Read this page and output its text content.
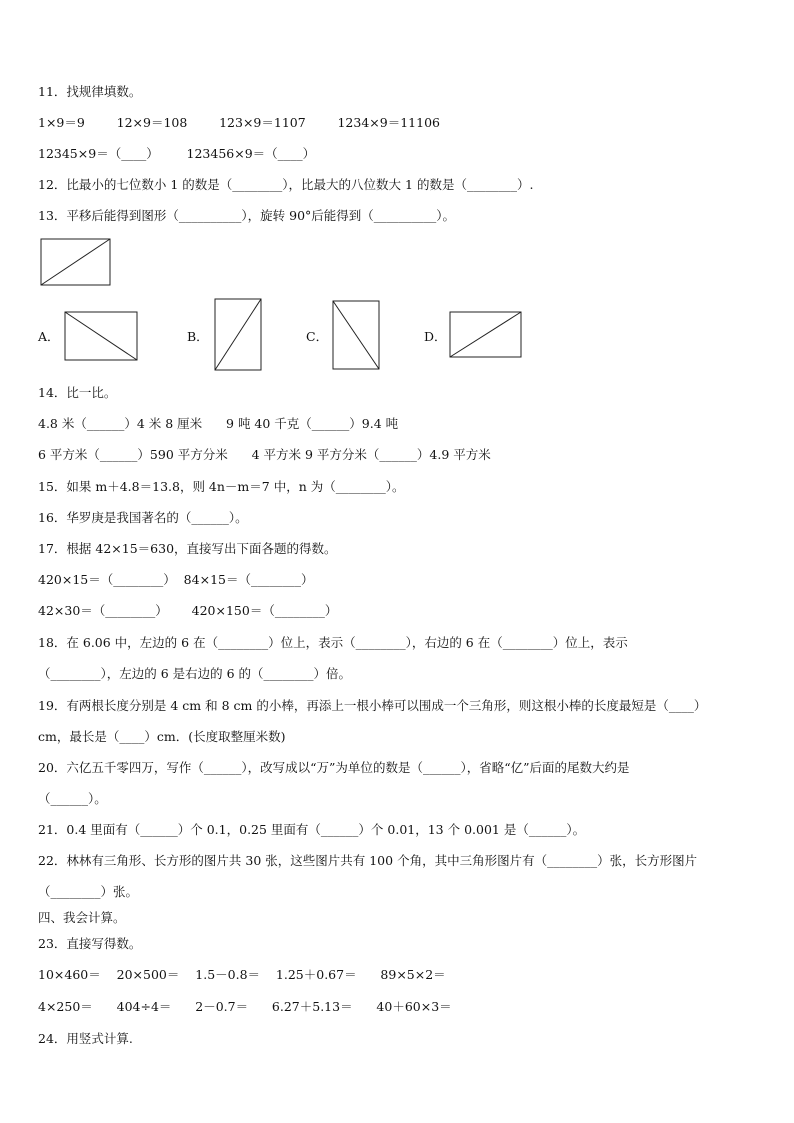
11．找规律填数。
1×9＝9        12×9＝108        123×9＝1107        1234×9＝11106
12345×9＝（____）       123456×9＝（____）
12．比最小的七位数小 1 的数是（________），比最大的八位数大 1 的数是（________）.
13．平移后能得到图形（__________），旋转 90°后能得到（__________）。
A．	B．	C．	D．
14．比一比。
4.8 米（______）4 米 8 厘米      9 吨 40 千克（______）9.4 吨
6 平方米（______）590 平方分米      4 平方米 9 平方分米（______）4.9 平方米
15．如果 m＋4.8＝13.8，则 4n－m＝7 中，n 为（________）。
16．华罗庚是我国著名的（______）。
17．根据 42×15＝630，直接写出下面各题的得数。
420×15＝（________）  84×15＝（________）
42×30＝（________）      420×150＝（________）
18．在 6.06 中，左边的 6 在（________）位上，表示（________），右边的 6 在（________）位上，表示
（________），左边的 6 是右边的 6 的（________）倍。
19．有两根长度分别是 4 cm 和 8 cm 的小棒，再添上一根小棒可以围成一个三角形，则这根小棒的长度最短是（____）
cm，最长是（____）cm．(长度取整厘米数)
20．六亿五千零四万，写作（______），改写成以“万”为单位的数是（______），省略“亿”后面的尾数大约是
（______）。
21．0.4 里面有（______）个 0.1，0.25 里面有（______）个 0.01，13 个 0.001 是（______）。
22．林林有三角形、长方形的图片共 30 张，这些图片共有 100 个角，其中三角形图片有（________）张，长方形图片
（________）张。
四、我会计算。
23．直接写得数。
10×460＝    20×500＝    1.5－0.8＝    1.25＋0.67＝      89×5×2＝
4×250＝      404÷4＝      2－0.7＝      6.27＋5.13＝      40＋60×3＝
24．用竖式计算.
